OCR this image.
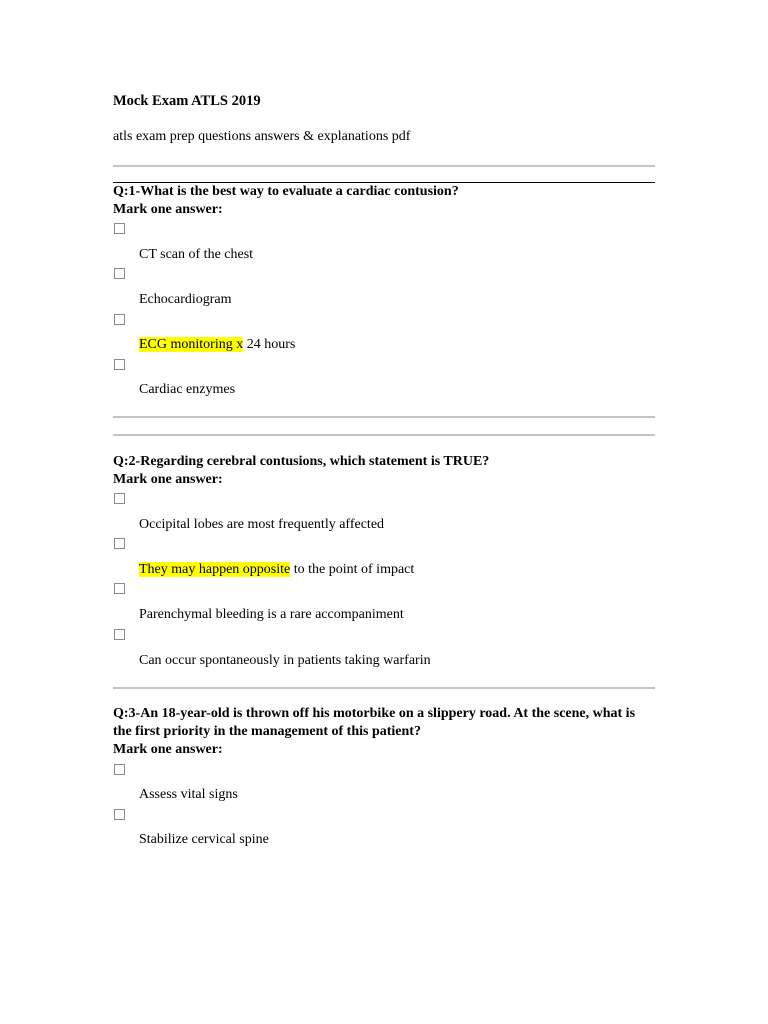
Mock Exam ATLS 2019
atls exam prep questions answers & explanations pdf
Q:1-What is the best way to evaluate a cardiac contusion?
Mark one answer:
CT scan of the chest
Echocardiogram
ECG monitoring x 24 hours
Cardiac enzymes
Q:2-Regarding cerebral contusions, which statement is TRUE?
Mark one answer:
Occipital lobes are most frequently affected
They may happen opposite to the point of impact
Parenchymal bleeding is a rare accompaniment
Can occur spontaneously in patients taking warfarin
Q:3-An 18-year-old is thrown off his motorbike on a slippery road. At the scene, what is the first priority in the management of this patient?
Mark one answer:
Assess vital signs
Stabilize cervical spine
